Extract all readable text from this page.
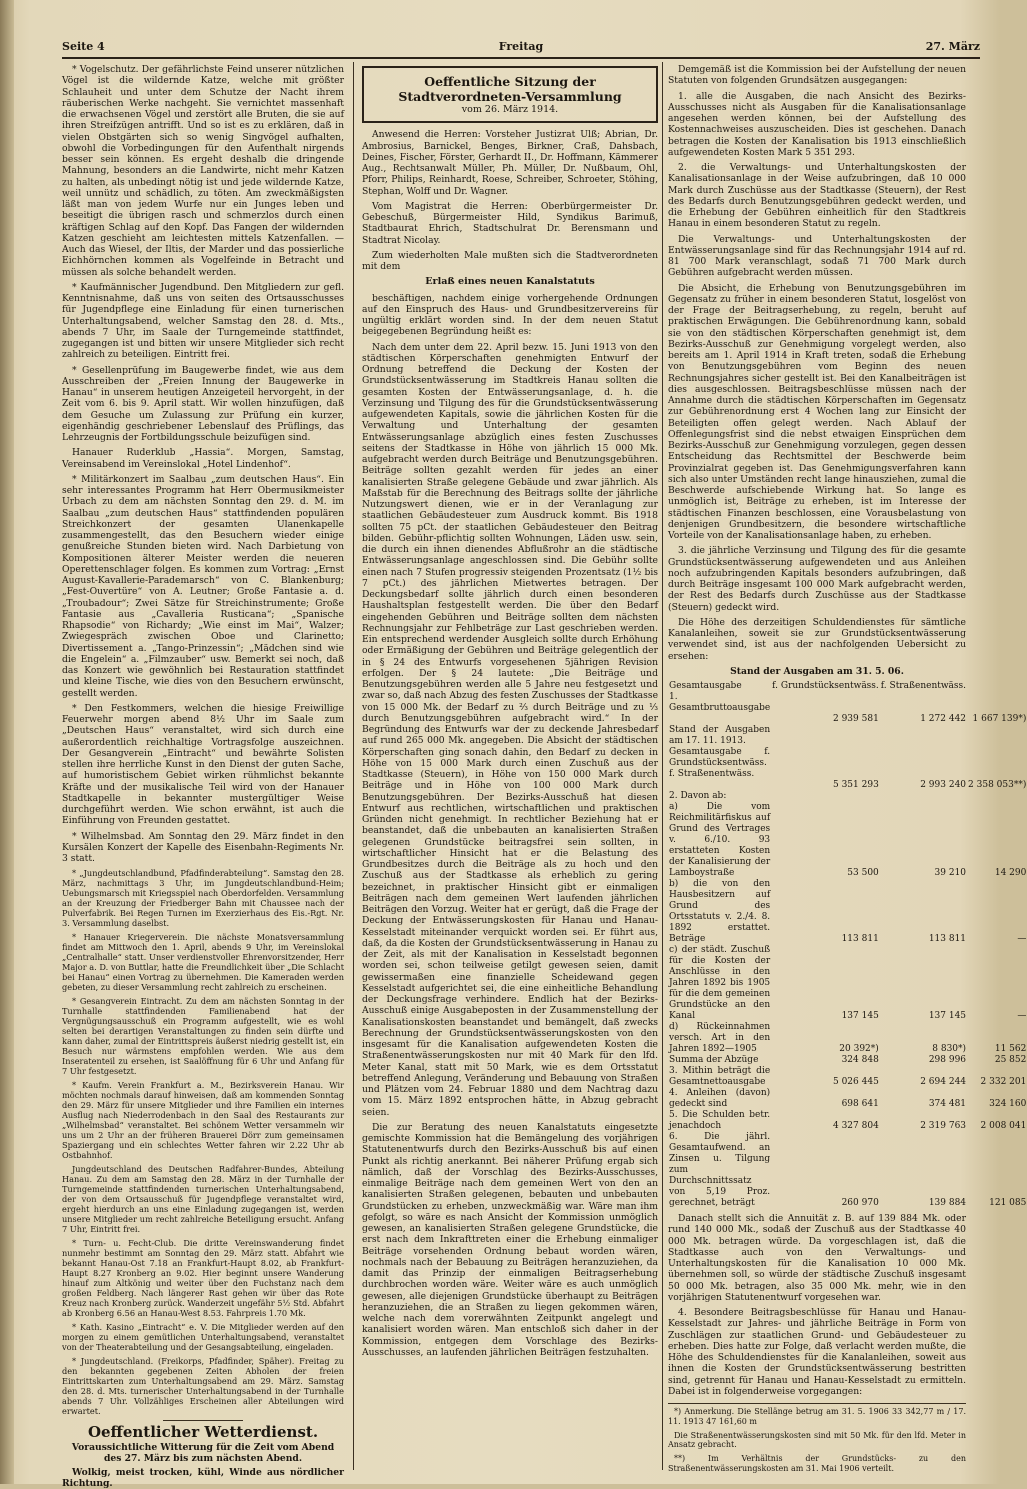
Seite 4	Freitag	27. März

* Vogelschutz. Der gefährlichste Feind unserer nützlichen Vögel ist die wildernde Katze, welche mit größter Schlauheit und unter dem Schutze der Nacht ihrem räuberischen Werke nachgeht. Sie vernichtet massenhaft die erwachsenen Vögel und zerstört alle Bruten, die sie auf ihren Streifzügen antrifft. Und so ist es zu erklären, daß in vielen Obstgärten sich so wenig Singvögel aufhalten, obwohl die Vorbedingungen für den Aufenthalt nirgends besser sein können. Es ergeht deshalb die dringende Mahnung, besonders an die Landwirte, nicht mehr Katzen zu halten, als unbedingt nötig ist und jede wildernde Katze, weil unnütz und schädlich, zu töten. Am zweckmäßigsten läßt man von jedem Wurfe nur ein Junges leben und beseitigt die übrigen rasch und schmerzlos durch einen kräftigen Schlag auf den Kopf. Das Fangen der wildernden Katzen geschieht am leichtesten mittels Katzenfallen. — Auch das Wiesel, der Iltis, der Marder und das possierliche Eichhörnchen kommen als Vogelfeinde in Betracht und müssen als solche behandelt werden.

* Kaufmännischer Jugendbund. Den Mitgliedern zur gefl. Kenntnisnahme, daß uns von seiten des Ortsausschusses für Jugendpflege eine Einladung für einen turnerischen Unterhaltungsabend, welcher Samstag den 28. d. Mts., abends 7 Uhr, im Saale der Turngemeinde stattfindet, zugegangen ist und bitten wir unsere Mitglieder sich recht zahlreich zu beteiligen. Eintritt frei.

* Gesellenprüfung im Baugewerbe findet, wie aus dem Ausschreiben der „Freien Innung der Baugewerke in Hanau“ in unserem heutigen Anzeigeteil hervorgeht, in der Zeit vom 6. bis 9. April statt. Wir wollen hinzufügen, daß dem Gesuche um Zulassung zur Prüfung ein kurzer, eigenhändig geschriebener Lebenslauf des Prüflings, das Lehrzeugnis der Fortbildungsschule beizufügen sind.

Hanauer Ruderklub „Hassia“. Morgen, Samstag, Vereinsabend im Vereinslokal „Hotel Lindenhof“.

* Militärkonzert im Saalbau „zum deutschen Haus“. Ein sehr interessantes Programm hat Herr Obermusikmeister Urbach zu dem am nächsten Sonntag den 29. d. M. im Saalbau „zum deutschen Haus“ stattfindenden populären Streichkonzert der gesamten Ulanenkapelle zusammengestellt, das den Besuchern wieder einige genußreiche Stunden bieten wird. Nach Darbietung von Kompositionen älterer Meister werden die neueren Operettenschlager folgen. Es kommen zum Vortrag: „Ernst August-Kavallerie-Parademarsch“ von C. Blankenburg; „Fest-Ouvertüre“ von A. Leutner; Große Fantasie a. d. „Troubadour“; Zwei Sätze für Streichinstrumente; Große Fantasie aus „Cavalleria Rusticana“; „Spanische Rhapsodie“ von Richardy; „Wie einst im Mai“, Walzer; Zwiegespräch zwischen Oboe und Clarinetto; Divertissement a. „Tango-Prinzessin“; „Mädchen sind wie die Engelein“ a. „Filmzauber“ usw. Bemerkt sei noch, daß das Konzert wie gewöhnlich bei Restauration stattfindet und kleine Tische, wie dies von den Besuchern erwünscht, gestellt werden.

* Den Festkommers, welchen die hiesige Freiwillige Feuerwehr morgen abend 8½ Uhr im Saale zum „Deutschen Haus“ veranstaltet, wird sich durch eine außerordentlich reichhaltige Vortragsfolge auszeichnen. Der Gesangverein „Eintracht“ und bewährte Solisten stellen ihre herrliche Kunst in den Dienst der guten Sache, auf humoristischem Gebiet wirken rühmlichst bekannte Kräfte und der musikalische Teil wird von der Hanauer Stadtkapelle in bekannter mustergültiger Weise durchgeführt werden. Wie schon erwähnt, ist auch die Einführung von Freunden gestattet.

* Wilhelmsbad. Am Sonntag den 29. März findet in den Kursälen Konzert der Kapelle des Eisenbahn-Regiments Nr. 3 statt.

* „Jungdeutschlandbund, Pfadfinderabteilung“. Samstag den 28. März, nachmittags 3 Uhr, im Jungdeutschlandbund-Heim; Uebungsmarsch mit Kriegsspiel nach Oberdorfelden. Versammlung an der Kreuzung der Friedberger Bahn mit Chaussee nach der Pulverfabrik. Bei Regen Turnen im Exerzierhaus des Eis.-Rgt. Nr. 3. Versammlung daselbst.

* Hanauer Kriegerverein. Die nächste Monatsversammlung findet am Mittwoch den 1. April, abends 9 Uhr, im Vereinslokal „Centralhalle“ statt. Unser verdienstvoller Ehrenvorsitzender, Herr Major a. D. von Buttlar, hatte die Freundlichkeit über „Die Schlacht bei Hanau“ einen Vortrag zu übernehmen. Die Kameraden werden gebeten, zu dieser Versammlung recht zahlreich zu erscheinen.

* Gesangverein Eintracht. Zu dem am nächsten Sonntag in der Turnhalle stattfindenden Familienabend hat der Vergnügungsausschuß ein Programm aufgestellt, wie es wohl selten bei derartigen Veranstaltungen zu finden sein dürfte und kann daher, zumal der Eintrittspreis äußerst niedrig gestellt ist, ein Besuch nur wärmstens empfohlen werden. Wie aus dem Inseratenteil zu ersehen, ist Saalöffnung für 6 Uhr und Anfang für 7 Uhr festgesetzt.

* Kaufm. Verein Frankfurt a. M., Bezirksverein Hanau. Wir möchten nochmals darauf hinweisen, daß am kommenden Sonntag den 29. März für unsere Mitglieder und ihre Familien ein internes Ausflug nach Niederrodenbach in den Saal des Restaurants zur „Wilhelmsbad“ veranstaltet. Bei schönem Wetter versammeln wir uns um 2 Uhr an der früheren Brauerei Dörr zum gemeinsamen Spaziergang und ein schlechtes Wetter fahren wir 2.22 Uhr ab Ostbahnhof.

Jungdeutschland des Deutschen Radfahrer-Bundes, Abteilung Hanau. Zu dem am Samstag den 28. März in der Turnhalle der Turngemeinde stattfindenden turnerischen Unterhaltungsabend, der von dem Ortsausschuß für Jugendpflege veranstaltet wird, ergeht hierdurch an uns eine Einladung zugegangen ist, werden unsere Mitglieder um recht zahlreiche Beteiligung ersucht. Anfang 7 Uhr, Eintritt frei.

* Turn- u. Fecht-Club. Die dritte Vereinswanderung findet nunmehr bestimmt am Sonntag den 29. März statt. Abfahrt wie bekannt Hanau-Ost 7.18 an Frankfurt-Haupt 8.02, ab Frankfurt-Haupt 8.27 Kronberg an 9.02. Hier beginnt unsere Wanderung hinauf zum Altkönig und weiter über den Fuchstanz nach dem großen Feldberg. Nach längerer Rast gehen wir über das Rote Kreuz nach Kronberg zurück. Wanderzeit ungefähr 5½ Std. Abfahrt ab Kronberg 6.56 an Hanau-West 8.53. Fahrpreis 1.70 Mk.

* Kath. Kasino „Eintracht“ e. V. Die Mitglieder werden auf den morgen zu einem gemütlichen Unterhaltungsabend, veranstaltet von der Theaterabteilung und der Gesangsabteilung, eingeladen.

* Jungdeutschland. (Freikorps, Pfadfinder, Späher). Freitag zu den bekannten gegebenen Zeiten Abholen der freien Eintrittskarten zum Unterhaltungsabend am 29. März. Samstag den 28. d. Mts. turnerischer Unterhaltungsabend in der Turnhalle abends 7 Uhr. Vollzähliges Erscheinen aller Abteilungen wird erwartet.

Oeffentlicher Wetterdienst.
Voraussichtliche Witterung für die Zeit vom Abend des 27. März bis zum nächsten Abend.

Wolkig, meist trocken, kühl, Winde aus nördlicher Richtung.

Oeffentliche Sitzung der Stadtverordneten-Versammlung
vom 26. März 1914.

Anwesend die Herren: Vorsteher Justizrat Ulß; Abrian, Dr. Ambrosius, Barnickel, Benges, Birkner, Craß, Dahsbach, Deines, Fischer, Förster, Gerhardt II., Dr. Hoffmann, Kämmerer Aug., Rechtsanwalt Müller, Ph. Müller, Dr. Nußbaum, Ohl, Pforr, Philips, Reinhardt, Roese, Schreiber, Schroeter, Stöhing, Stephan, Wolff und Dr. Wagner.

Vom Magistrat die Herren: Oberbürgermeister Dr. Gebeschuß, Bürgermeister Hild, Syndikus Barimuß, Stadtbaurat Ehrich, Stadtschulrat Dr. Berensmann und Stadtrat Nicolay.

Zum wiederholten Male mußten sich die Stadtverordneten mit dem

Erlaß eines neuen Kanalstatuts

beschäftigen, nachdem einige vorhergehende Ordnungen auf den Einspruch des Haus- und Grundbesitzervereins für ungültig erklärt worden sind. In der dem neuen Statut beigegebenen Begründung heißt es:

Nach dem unter dem 22. April bezw. 15. Juni 1913 von den städtischen Körperschaften genehmigten Entwurf der Ordnung betreffend die Deckung der Kosten der Grundstücksentwässerung im Stadtkreis Hanau sollten die gesamten Kosten der Entwässerungsanlage, d. h. die Verzinsung und Tilgung des für die Grundstücksentwässerung aufgewendeten Kapitals, sowie die jährlichen Kosten für die Verwaltung und Unterhaltung der gesamten Entwässerungsanlage abzüglich eines festen Zuschusses seitens der Stadtkasse in Höhe von jährlich 15 000 Mk. aufgebracht werden durch Beiträge und Benutzungsgebühren. Beiträge sollten gezahlt werden für jedes an einer kanalisierten Straße gelegene Gebäude und zwar jährlich. Als Maßstab für die Berechnung des Beitrags sollte der jährliche Nutzungswert dienen, wie er in der Veranlagung zur staatlichen Gebäudesteuer zum Ausdruck kommt. Bis 1918 sollten 75 pCt. der staatlichen Gebäudesteuer den Beitrag bilden. Gebühr-pflichtig sollten Wohnungen, Läden usw. sein, die durch ein ihnen dienendes Abflußrohr an die städtische Entwässerungsanlage angeschlossen sind. Die Gebühr sollte einen nach 7 Stufen progressiv steigenden Prozentsatz (1½ bis 7 pCt.) des jährlichen Mietwertes betragen. Der Deckungsbedarf sollte jährlich durch einen besonderen Haushaltsplan festgestellt werden. Die über den Bedarf eingehenden Gebühren und Beiträge sollten dem nächsten Rechnungsjahr zur Fehlbeträge zur Last geschrieben werden. Ein entsprechend werdender Ausgleich sollte durch Erhöhung oder Ermäßigung der Gebühren und Beiträge gelegentlich der in § 24 des Entwurfs vorgesehenen 5jährigen Revision erfolgen. Der § 24 lautete: „Die Beiträge und Benutzungsgebühren werden alle 5 Jahre neu festgesetzt und zwar so, daß nach Abzug des festen Zuschusses der Stadtkasse von 15 000 Mk. der Bedarf zu ⅔ durch Beiträge und zu ⅓ durch Benutzungsgebühren aufgebracht wird.“ In der Begründung des Entwurfs war der zu deckende Jahresbedarf auf rund 265 000 Mk. angegeben. Die Absicht der städtischen Körperschaften ging sonach dahin, den Bedarf zu decken in Höhe von 15 000 Mark durch einen Zuschuß aus der Stadtkasse (Steuern), in Höhe von 150 000 Mark durch Beiträge und in Höhe von 100 000 Mark durch Benutzungsgebühren. Der Bezirks-Ausschuß hat diesen Entwurf aus rechtlichen, wirtschaftlichen und praktischen Gründen nicht genehmigt. In rechtlicher Beziehung hat er beanstandet, daß die unbebauten an kanalisierten Straßen gelegenen Grundstücke beitragsfrei sein sollten, in wirtschaftlicher Hinsicht hat er die Belastung des Grundbesitzes durch die Beiträge als zu hoch und den Zuschuß aus der Stadtkasse als erheblich zu gering bezeichnet, in praktischer Hinsicht gibt er einmaligen Beiträgen nach dem gemeinen Wert laufenden jährlichen Beiträgen den Vorzug. Weiter hat er gerügt, daß die Frage der Deckung der Entwässerungskosten für Hanau und Hanau-Kesselstadt miteinander verquickt worden sei. Er führt aus, daß, da die Kosten der Grundstücksentwässerung in Hanau zu der Zeit, als mit der Kanalisation in Kesselstadt begonnen worden sei, schon teilweise getilgt gewesen seien, damit gewissermaßen eine finanzielle Scheidewand gegen Kesselstadt aufgerichtet sei, die eine einheitliche Behandlung der Deckungsfrage verhindere. Endlich hat der Bezirks-Ausschuß einige Ausgabeposten in der Zusammenstellung der Kanalisationskosten beanstandet und bemängelt, daß zwecks Berechnung der Grundstücksentwässerungskosten von den insgesamt für die Kanalisation aufgewendeten Kosten die Straßenentwässerungskosten nur mit 40 Mark für den lfd. Meter Kanal, statt mit 50 Mark, wie es dem Ortsstatut betreffend Anlegung, Veränderung und Bebauung von Straßen und Plätzen vom 24. Februar 1880 und dem Nachtrag dazu vom 15. März 1892 entsprochen hätte, in Abzug gebracht seien.

Die zur Beratung des neuen Kanalstatuts eingesetzte gemischte Kommission hat die Bemängelung des vorjährigen Statutenentwurfs durch den Bezirks-Ausschuß bis auf einen Punkt als richtig anerkannt. Bei näherer Prüfung ergab sich nämlich, daß der Vorschlag des Bezirks-Ausschusses, einmalige Beiträge nach dem gemeinen Wert von den an kanalisierten Straßen gelegenen, bebauten und unbebauten Grundstücken zu erheben, unzweckmäßig war. Wäre man ihm gefolgt, so wäre es nach Ansicht der Kommission unmöglich gewesen, an kanalisierten Straßen gelegene Grundstücke, die erst nach dem Inkrafttreten einer die Erhebung einmaliger Beiträge vorsehenden Ordnung bebaut worden wären, nochmals nach der Bebauung zu Beiträgen heranzuziehen, da damit das Prinzip der einmaligen Beitragserhebung durchbrochen worden wäre. Weiter wäre es auch unmöglich gewesen, alle diejenigen Grundstücke überhaupt zu Beiträgen heranzuziehen, die an Straßen zu liegen gekommen wären, welche nach dem vorerwähnten Zeitpunkt angelegt und kanalisiert worden wären. Man entschloß sich daher in der Kommission, entgegen dem Vorschlage des Bezirks-Ausschusses, an laufenden jährlichen Beiträgen festzuhalten.

Demgemäß ist die Kommission bei der Aufstellung der neuen Statuten von folgenden Grundsätzen ausgegangen:

1. alle die Ausgaben, die nach Ansicht des Bezirks-Ausschusses nicht als Ausgaben für die Kanalisationsanlage angesehen werden können, bei der Aufstellung des Kostennachweises auszuscheiden. Dies ist geschehen. Danach betragen die Kosten der Kanalisation bis 1913 einschließlich aufgewendeten Kosten Mark 5 351 293.

2. die Verwaltungs- und Unterhaltungskosten der Kanalisationsanlage in der Weise aufzubringen, daß 10 000 Mark durch Zuschüsse aus der Stadtkasse (Steuern), der Rest des Bedarfs durch Benutzungsgebühren gedeckt werden, und die Erhebung der Gebühren einheitlich für den Stadtkreis Hanau in einem besonderen Statut zu regeln.

Die Verwaltungs- und Unterhaltungskosten der Entwässerungsanlage sind für das Rechnungsjahr 1914 auf rd. 81 700 Mark veranschlagt, sodaß 71 700 Mark durch Gebühren aufgebracht werden müssen.

Die Absicht, die Erhebung von Benutzungsgebühren im Gegensatz zu früher in einem besonderen Statut, losgelöst von der Frage der Beitragserhebung, zu regeln, beruht auf praktischen Erwägungen. Die Gebührenordnung kann, sobald sie von den städtischen Körperschaften genehmigt ist, dem Bezirks-Ausschuß zur Genehmigung vorgelegt werden, also bereits am 1. April 1914 in Kraft treten, sodaß die Erhebung von Benutzungsgebühren vom Beginn des neuen Rechnungsjahres sicher gestellt ist. Bei den Kanalbeiträgen ist dies ausgeschlossen. Beitragsbeschlüsse müssen nach der Annahme durch die städtischen Körperschaften im Gegensatz zur Gebührenordnung erst 4 Wochen lang zur Einsicht der Beteiligten offen gelegt werden. Nach Ablauf der Offenlegungsfrist sind die nebst etwaigen Einsprüchen dem Bezirks-Ausschuß zur Genehmigung vorzulegen, gegen dessen Entscheidung das Rechtsmittel der Beschwerde beim Provinzialrat gegeben ist. Das Genehmigungsverfahren kann sich also unter Umständen recht lange hinausziehen, zumal die Beschwerde aufschiebende Wirkung hat. So lange es unmöglich ist, Beiträge zu erheben, ist im Interesse der städtischen Finanzen beschlossen, eine Vorausbelastung von denjenigen Grundbesitzern, die besondere wirtschaftliche Vorteile von der Kanalisationsanlage haben, zu erheben.

3. die jährliche Verzinsung und Tilgung des für die gesamte Grundstücksentwässerung aufgewendeten und aus Anleihen noch aufzubringenden Kapitals besonders aufzubringen, daß durch Beiträge insgesamt 100 000 Mark aufgebracht werden, der Rest des Bedarfs durch Zuschüsse aus der Stadtkasse (Steuern) gedeckt wird.

Die Höhe des derzeitigen Schuldendienstes für sämtliche Kanalanleihen, soweit sie zur Grundstücksentwässerung verwendet sind, ist aus der nachfolgenden Uebersicht zu ersehen:

Stand der Ausgaben am 31. 5. 06.

Gesamtausgabe	f. Grundstücksentwäss.	f. Straßenentwäss.	
1. Gesamtbruttoausgabe			
	2 939 581	1 272 442	1 667 139*)
Stand der Ausgaben am 17. 11. 1913.			
Gesamtausgabe f. Grundstücksentwäss. f. Straßenentwäss.			
	5 351 293	2 993 240	2 358 053**)
2. Davon ab:			
a) Die vom Reichmilitärfiskus auf Grund des Vertrages v. 6./10. 93 erstatteten Kosten der Kanalisierung der Lamboystraße	53 500	39 210	14 290
b) die von den Hausbesitzern auf Grund des Ortsstatuts v. 2./4. 8. 1892 erstattet. Beträge	113 811	113 811	—
c) der städt. Zuschuß für die Kosten der Anschlüsse in den Jahren 1892 bis 1905 für die dem gemeinen Grundstücke an den Kanal	137 145	137 145	—
d) Rückeinnahmen versch. Art in den Jahren 1892—1905	20 392*)	8 830*)	11 562
Summa der Abzüge	324 848	298 996	25 852
3. Mithin beträgt die Gesamtnettoausgabe	5 026 445	2 694 244	2 332 201
4. Anleihen (davon) gedeckt sind	698 641	374 481	324 160
5. Die Schulden betr. jenachdoch	4 327 804	2 319 763	2 008 041
6. Die jährl. Gesamtaufwend. an Zinsen u. Tilgung zum Durchschnittssatz von 5,19 Proz. gerechnet, beträgt	260 970	139 884	121 085

Danach stellt sich die Annuität z. B. auf 139 884 Mk. oder rund 140 000 Mk., sodaß der Zuschuß aus der Stadtkasse 40 000 Mk. betragen würde. Da vorgeschlagen ist, daß die Stadtkasse auch von den Verwaltungs- und Unterhaltungskosten für die Kanalisation 10 000 Mk. übernehmen soll, so würde der städtische Zuschuß insgesamt 50 000 Mk. betragen, also 35 000 Mk. mehr, wie in den vorjährigen Statutenentwurf vorgesehen war.

4. Besondere Beitragsbeschlüsse für Hanau und Hanau-Kesselstadt zur Jahres- und jährliche Beiträge in Form von Zuschlägen zur staatlichen Grund- und Gebäudesteuer zu erheben. Dies hatte zur Folge, daß verlacht werden mußte, die Höhe des Schuldendienstes für die Kanalanleihen, soweit aus ihnen die Kosten der Grundstücksentwässerung bestritten sind, getrennt für Hanau und Hanau-Kesselstadt zu ermitteln. Dabei ist in folgenderweise vorgegangen:

*) Anmerkung. Die Stellänge betrug am 31. 5. 1906 33 342,77 m / 17. 11. 1913 47 161,60 m

Die Straßenentwässerungskosten sind mit 50 Mk. für den lfd. Meter in Ansatz gebracht.

**) Im Verhältnis der Grundstücks- zu den Straßenentwässerungskosten am 31. Mai 1906 verteilt.
